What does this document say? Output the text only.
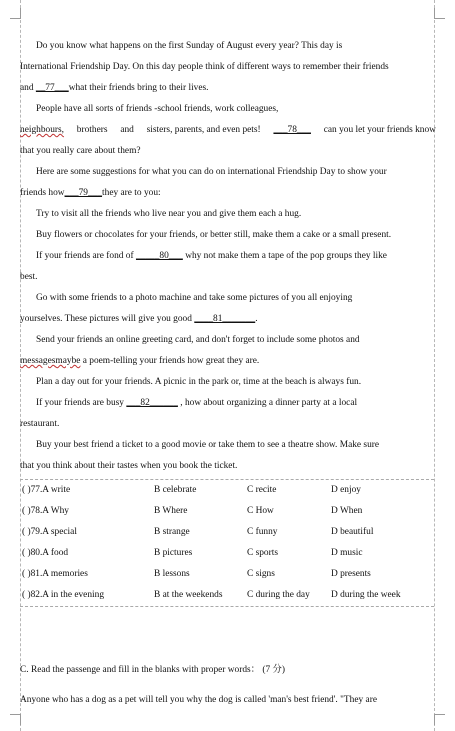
Do you know what happens on the first Sunday of August every year? This day is
International Friendship Day. On this day people think of different ways to remember their friends
and __77___what their friends bring to their lives.
People have all sorts of friends -school friends, work colleagues,
neighbours, brothers and sisters, parents, and even pets! ___78___ can you let your friends know
that you really care about them?
Here are some suggestions for what you can do on international Friendship Day to show your
friends how___79___they are to you:
Try to visit all the friends who live near you and give them each a hug.
Buy flowers or chocolates for your friends, or better still, make them a cake or a small present.
If your friends are fond of _____80___ why not make them a tape of the pop groups they like
best.
Go with some friends to a photo machine and take some pictures of you all enjoying
yourselves. These pictures will give you good ____81_______.
Send your friends an online greeting card, and don't forget to include some photos and
messagesmaybe a poem-telling your friends how great they are.
Plan a day out for your friends. A picnic in the park or, time at the beach is always fun.
If your friends are busy ___82______ , how about organizing a dinner party at a local
restaurant.
Buy your best friend a ticket to a good movie or take them to see a theatre show. Make sure
that you think about their tastes when you book the ticket.
( )77.A write	B celebrate	C recite	D enjoy
( )78.A Why	B Where	C How	D When
( )79.A special	B strange	C funny	D beautiful
( )80.A food	B pictures	C sports	D music
( )81.A memories	B lessons	C signs	D presents
( )82.A in the evening	B at the weekends	C during the day	D during the week
C. Read the passenge and fill in the blanks with proper words： (7 分)
Anyone who has a dog as a pet will tell you why the dog is called 'man's best friend'. "They are
